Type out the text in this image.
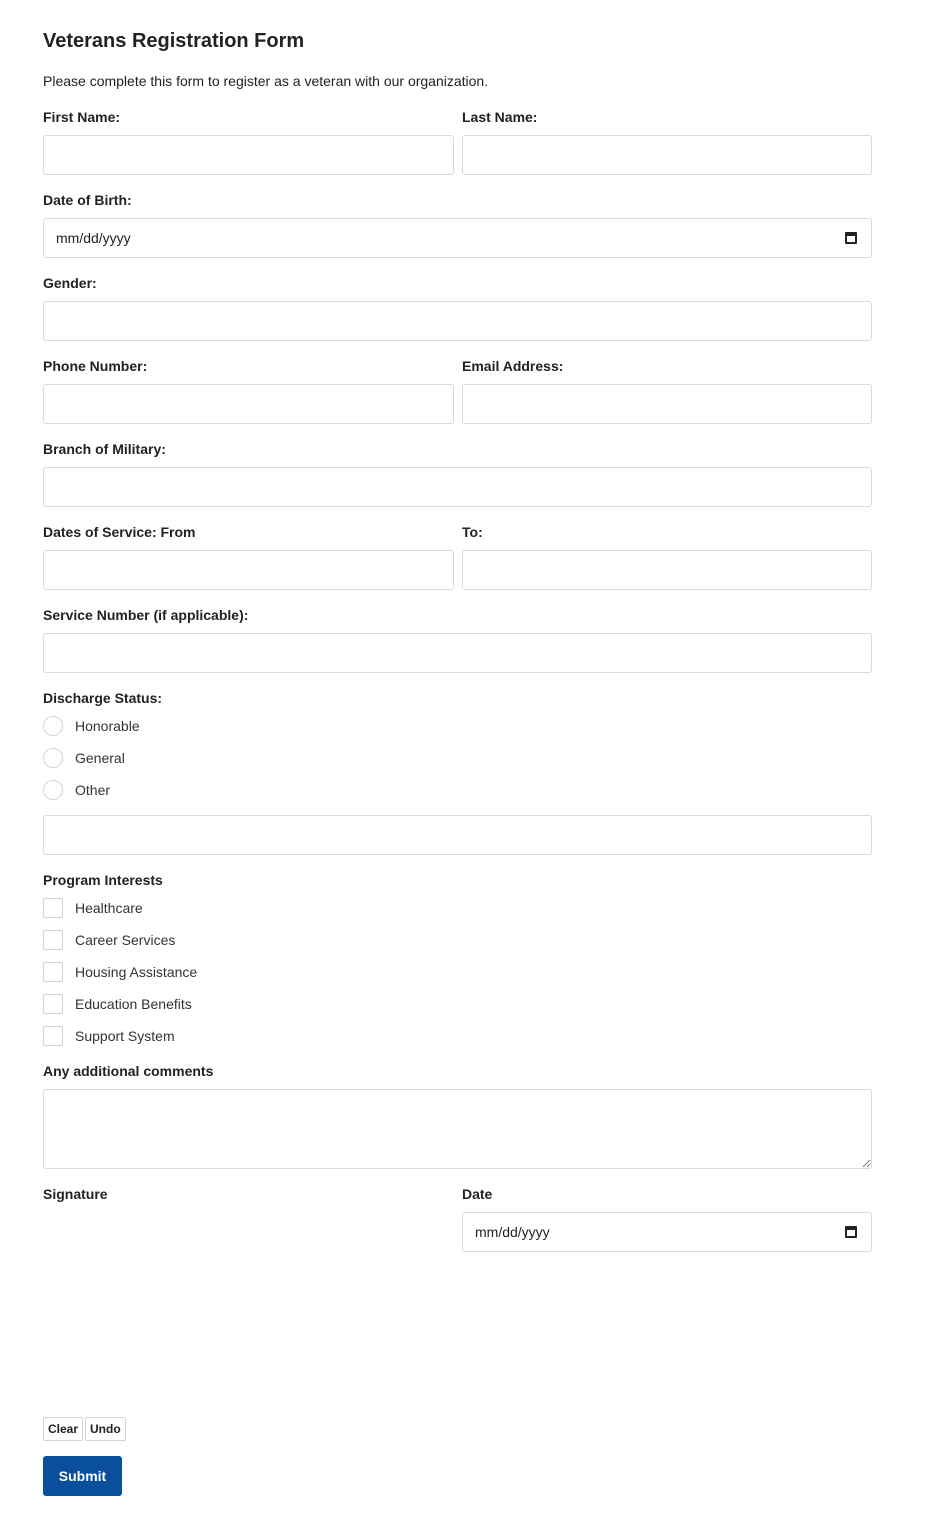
Veterans Registration Form

Please complete this form to register as a veteran with our organization.

First Name:	Last Name:
Date of Birth:
mm/dd/yyyy
Gender:
Phone Number:	Email Address:
Branch of Military:
Dates of Service: From	To:
Service Number (if applicable):
Discharge Status:
Honorable
General
Other
Program Interests
Healthcare
Career Services
Housing Assistance
Education Benefits
Support System
Any additional comments
Signature	Date
mm/dd/yyyy
Clear Undo
Submit
